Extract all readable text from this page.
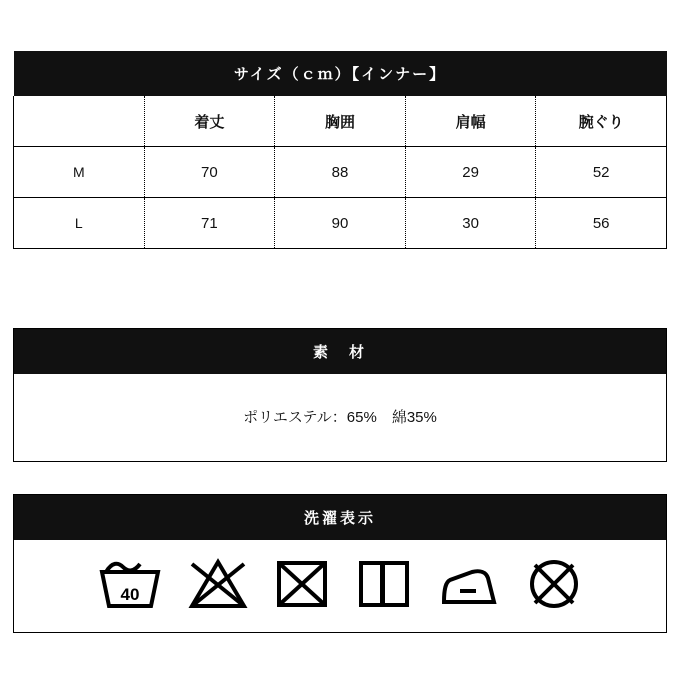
サイズ（ｃｍ）【インナー】				
	着丈	胸囲	肩幅	腕ぐり
M	70	88	29	52
L	71	90	30	56
素　材
ポリエステル：65%　綿35%
洗濯表示
40
